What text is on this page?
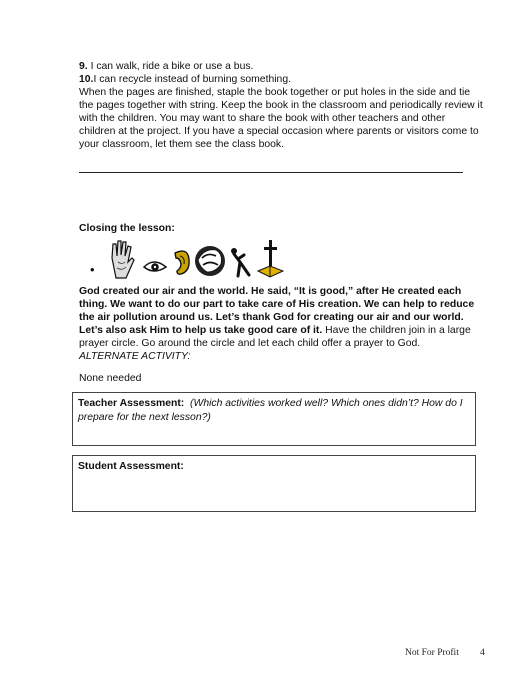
9. I can walk, ride a bike or use a bus.
10.I can recycle instead of burning something.
When the pages are finished, staple the book together or put holes in the side and tie
the pages together with string. Keep the book in the classroom and periodically review it
with the children. You may want to share the book with other teachers and other
children at the project. If you have a special occasion where parents or visitors come to
your classroom, let them see the class book.
Closing the lesson:
•
God created our air and the world. He said, “It is good,” after He created each
thing. We want to do our part to take care of His creation. We can help to reduce
the air pollution around us. Let’s thank God for creating our air and our world.
Let’s also ask Him to help us take good care of it. Have the children join in a large
prayer circle. Go around the circle and let each child offer a prayer to God.
ALTERNATE ACTIVITY:
None needed
Teacher Assessment: (Which activities worked well? Which ones didn’t? How do I
prepare for the next lesson?)
Student Assessment:
Not For Profit 4
